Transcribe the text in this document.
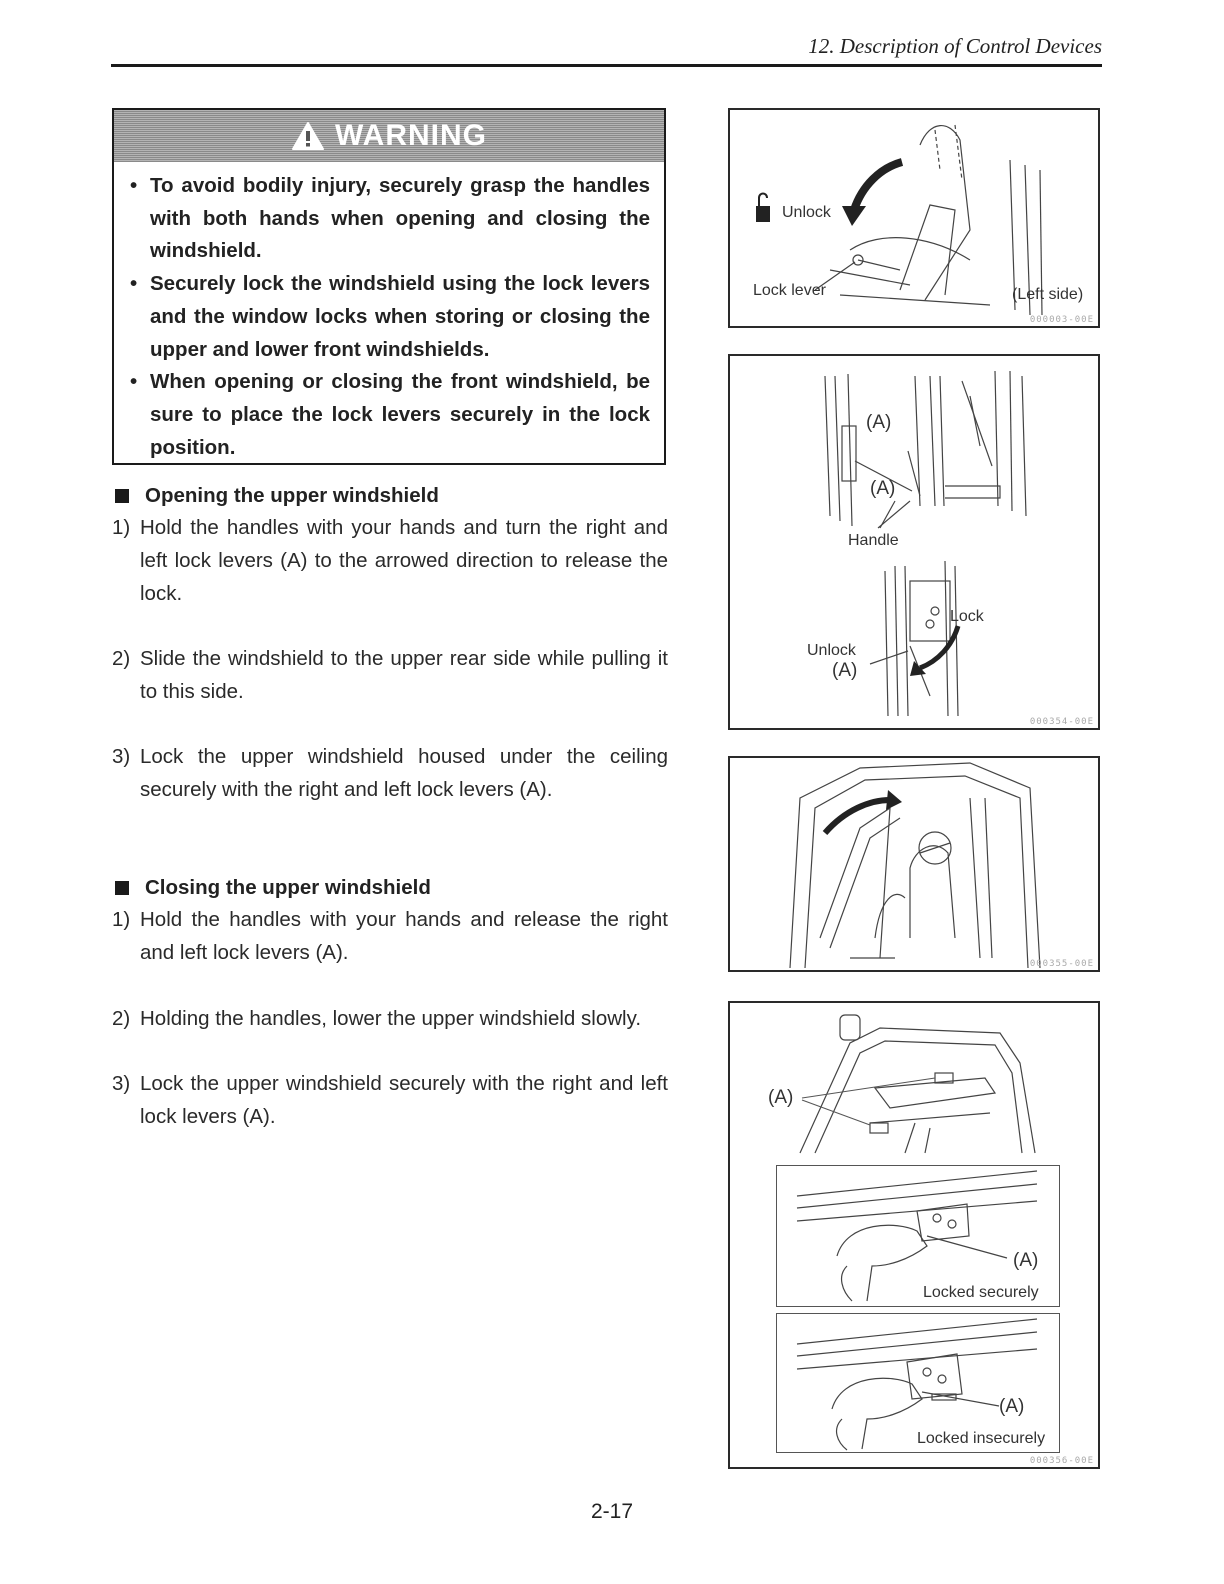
12. Description of Control Devices
WARNING
• To avoid bodily injury, securely grasp the handles with both hands when opening and closing the windshield.
• Securely lock the windshield using the lock levers and the window locks when storing or closing the upper and lower front windshields.
• When opening or closing the front windshield, be sure to place the lock levers securely in the lock position.
Opening the upper windshield
1) Hold the handles with your hands and turn the right and left lock levers (A) to the arrowed direction to release the lock.
2) Slide the windshield to the upper rear side while pulling it to this side.
3) Lock the upper windshield housed under the ceiling securely with the right and left lock levers (A).
Closing the upper windshield
1) Hold the handles with your hands and release the right and left lock levers (A).
2) Holding the handles, lower the upper windshield slowly.
3) Lock the upper windshield securely with the right and left lock levers (A).
Unlock
Lock lever	(Left side)
000003-00E
(A)
(A)
Handle
Lock
Unlock
(A)
000354-00E
000355-00E
(A)
(A)
Locked securely
(A)
Locked insecurely
000356-00E
2-17
